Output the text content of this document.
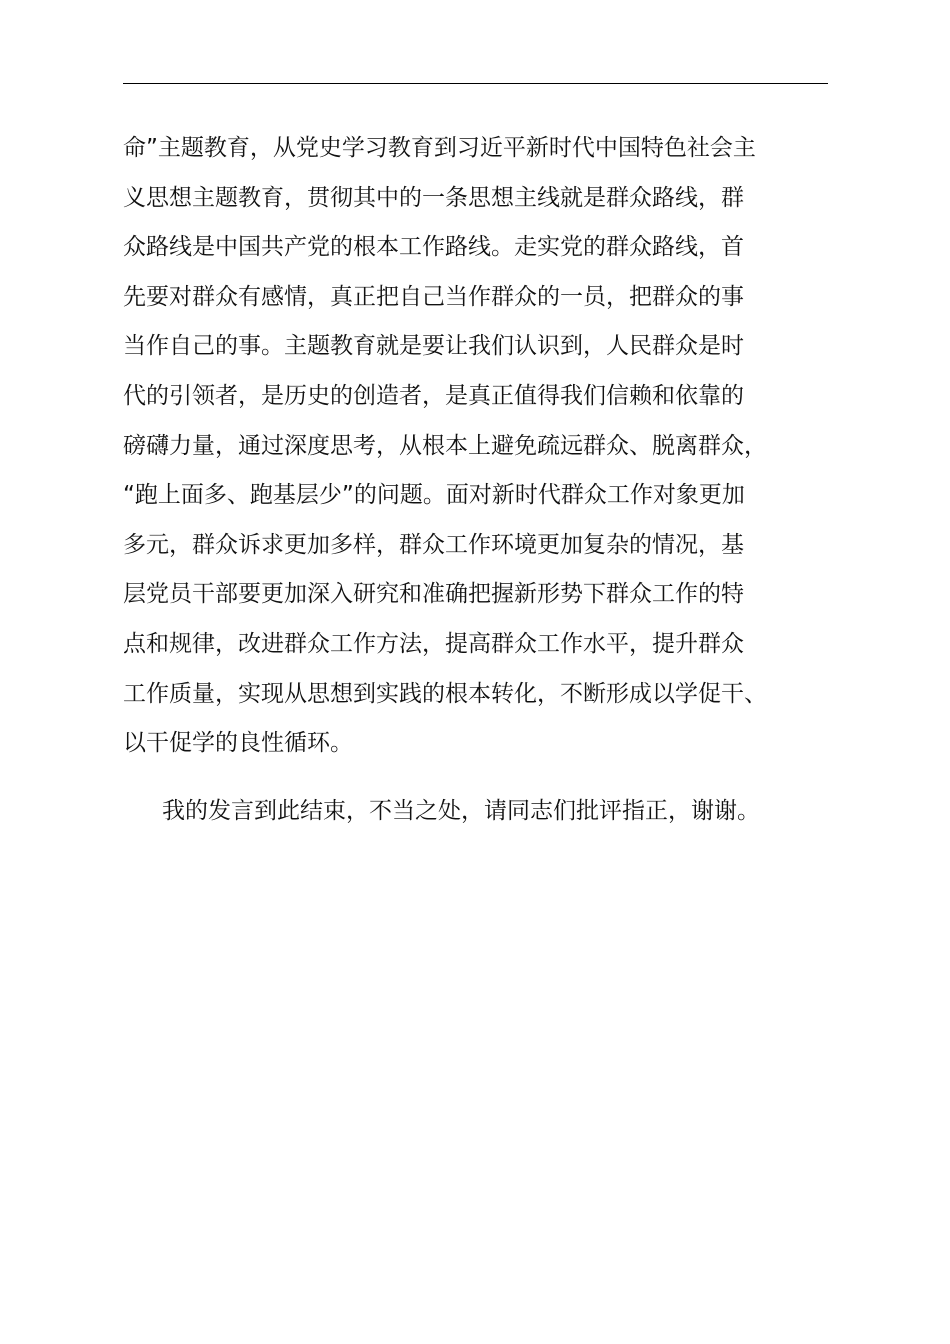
命”主题教育，从党史学习教育到习近平新时代中国特色社会主
义思想主题教育，贯彻其中的一条思想主线就是群众路线，群
众路线是中国共产党的根本工作路线。走实党的群众路线，首
先要对群众有感情，真正把自己当作群众的一员，把群众的事
当作自己的事。主题教育就是要让我们认识到，人民群众是时
代的引领者，是历史的创造者，是真正值得我们信赖和依靠的
磅礴力量，通过深度思考，从根本上避免疏远群众、脱离群众，
“跑上面多、跑基层少”的问题。面对新时代群众工作对象更加
多元，群众诉求更加多样，群众工作环境更加复杂的情况，基
层党员干部要更加深入研究和准确把握新形势下群众工作的特
点和规律，改进群众工作方法，提高群众工作水平，提升群众
工作质量，实现从思想到实践的根本转化，不断形成以学促干、
以干促学的良性循环。

我的发言到此结束，不当之处，请同志们批评指正，谢谢。
